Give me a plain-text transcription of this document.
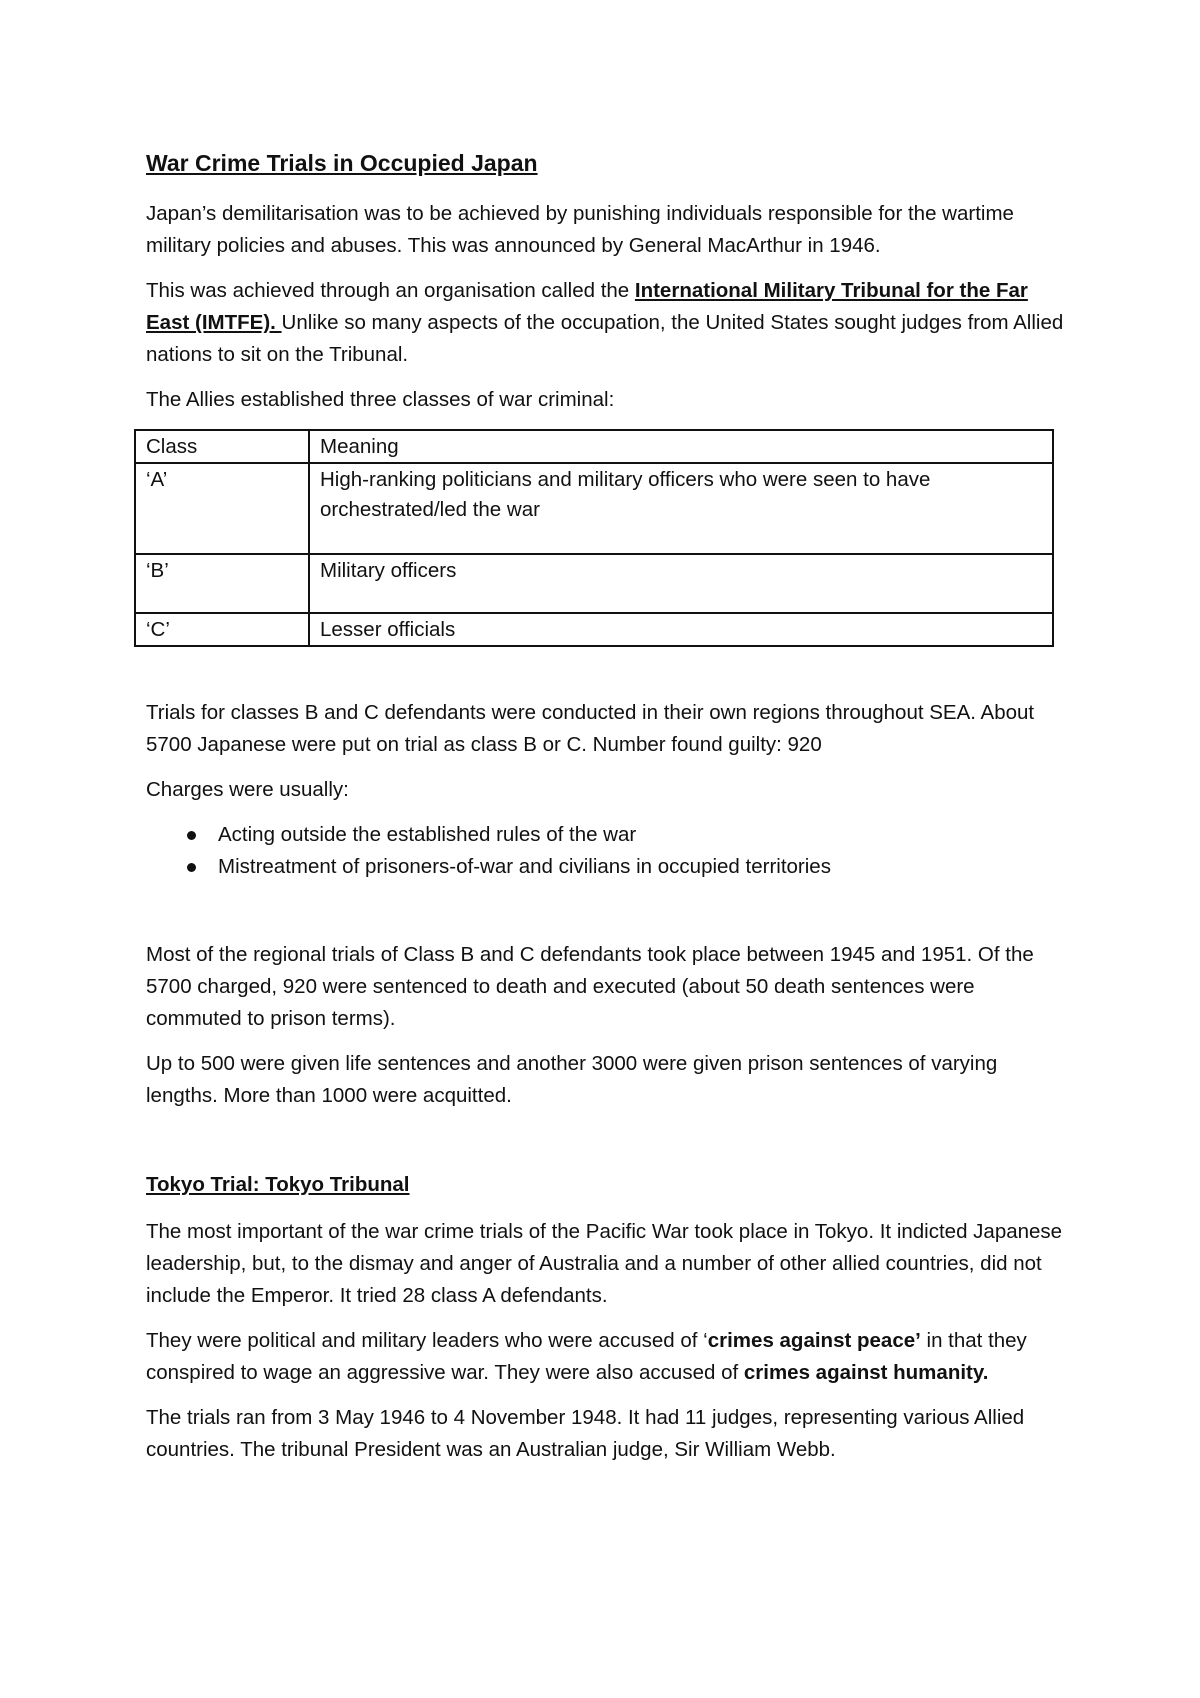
War Crime Trials in Occupied Japan

Japan’s demilitarisation was to be achieved by punishing individuals responsible for the wartime military policies and abuses. This was announced by General MacArthur in 1946.

This was achieved through an organisation called the International Military Tribunal for the Far East (IMTFE). Unlike so many aspects of the occupation, the United States sought judges from Allied nations to sit on the Tribunal.

The Allies established three classes of war criminal:

Class	Meaning
‘A’	High-ranking politicians and military officers who were seen to have orchestrated/led the war
‘B’	Military officers
‘C’	Lesser officials

Trials for classes B and C defendants were conducted in their own regions throughout SEA. About 5700 Japanese were put on trial as class B or C. Number found guilty: 920

Charges were usually:

Acting outside the established rules of the war
Mistreatment of prisoners-of-war and civilians in occupied territories

Most of the regional trials of Class B and C defendants took place between 1945 and 1951. Of the 5700 charged, 920 were sentenced to death and executed (about 50 death sentences were commuted to prison terms).

Up to 500 were given life sentences and another 3000 were given prison sentences of varying lengths. More than 1000 were acquitted.

Tokyo Trial: Tokyo Tribunal

The most important of the war crime trials of the Pacific War took place in Tokyo. It indicted Japanese leadership, but, to the dismay and anger of Australia and a number of other allied countries, did not include the Emperor. It tried 28 class A defendants.

They were political and military leaders who were accused of ‘crimes against peace’ in that they conspired to wage an aggressive war. They were also accused of crimes against humanity.

The trials ran from 3 May 1946 to 4 November 1948. It had 11 judges, representing various Allied countries. The tribunal President was an Australian judge, Sir William Webb.
